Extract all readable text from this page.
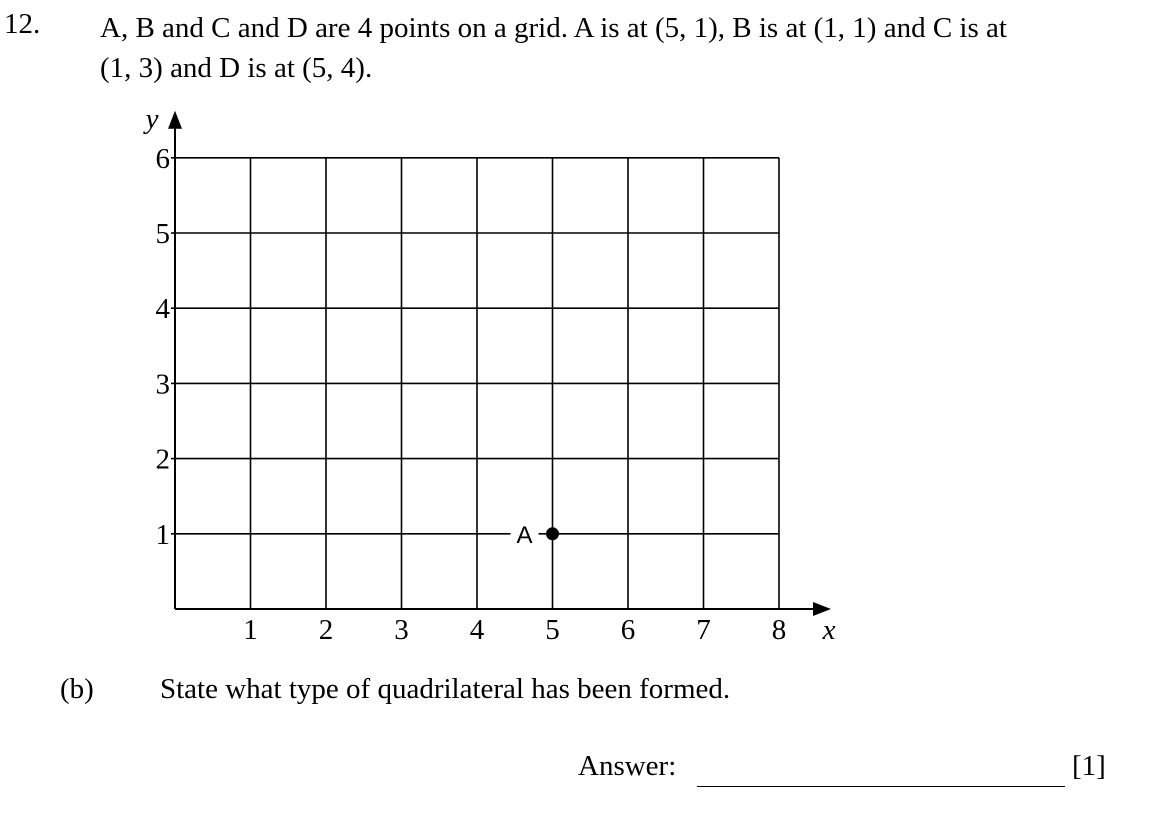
12. A, B and C and D are 4 points on a grid. A is at (5, 1), B is at (1, 1) and C is at
(1, 3) and D is at (5, 4).
1 2 3 4 5 6 7 8
1
2
3
4
5
6
x
y
A
(b) State what type of quadrilateral has been formed.
Answer:	[1]
